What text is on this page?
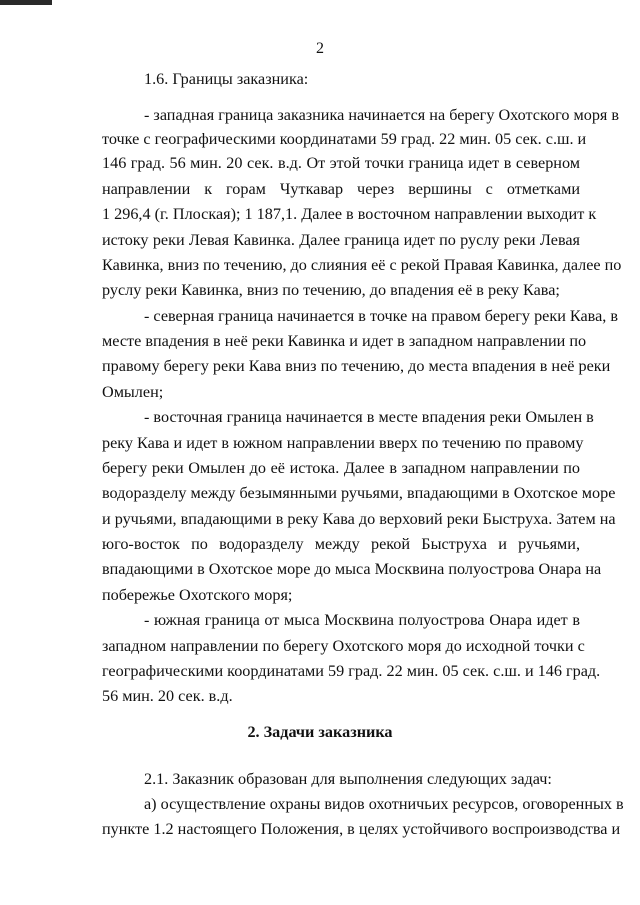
2
1.6. Границы заказника:
- западная граница заказника начинается на берегу Охотского моря в
точке с географическими координатами 59 град. 22 мин. 05 сек. с.ш. и
146 град. 56 мин. 20 сек. в.д. От этой точки граница идет в северном
направлении к горам Чуткавар через вершины с отметками
1 296,4 (г. Плоская); 1 187,1. Далее в восточном направлении выходит к
истоку реки Левая Кавинка. Далее граница идет по руслу реки Левая
Кавинка, вниз по течению, до слияния её с рекой Правая Кавинка, далее по
руслу реки Кавинка, вниз по течению, до впадения её в реку Кава;
- северная граница начинается в точке на правом берегу реки Кава, в
месте впадения в неё реки Кавинка и идет в западном направлении по
правому берегу реки Кава вниз по течению, до места впадения в неё реки
Омылен;
- восточная граница начинается в месте впадения реки Омылен в
реку Кава и идет в южном направлении вверх по течению по правому
берегу реки Омылен до её истока. Далее в западном направлении по
водоразделу между безымянными ручьями, впадающими в Охотское море
и ручьями, впадающими в реку Кава до верховий реки Быструха. Затем на
юго-восток по водоразделу между рекой Быструха и ручьями,
впадающими в Охотское море до мыса Москвина полуострова Онара на
побережье Охотского моря;
- южная граница от мыса Москвина полуострова Онара идет в
западном направлении по берегу Охотского моря до исходной точки с
географическими координатами 59 град. 22 мин. 05 сек. с.ш. и 146 град.
56 мин. 20 сек. в.д.
2. Задачи заказника
2.1. Заказник образован для выполнения следующих задач:
а) осуществление охраны видов охотничьих ресурсов, оговоренных в
пункте 1.2 настоящего Положения, в целях устойчивого воспроизводства и
